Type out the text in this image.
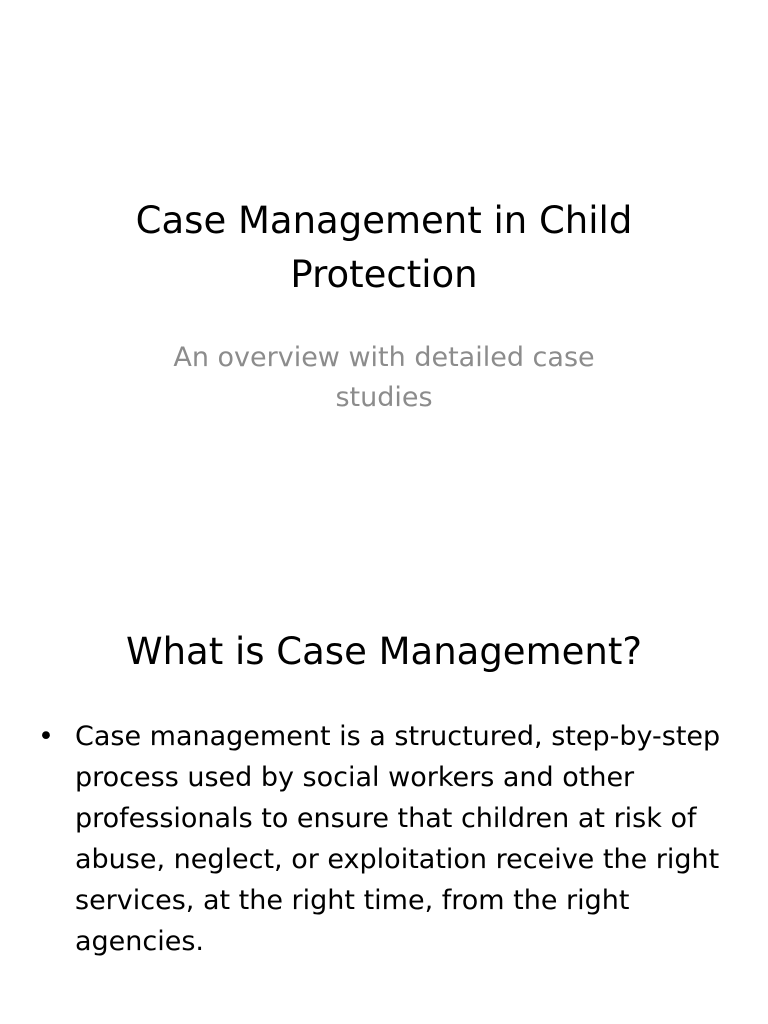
Case Management in Child Protection
An overview with detailed case studies
What is Case Management?
• Case management is a structured, step-by-step process used by social workers and other professionals to ensure that children at risk of abuse, neglect, or exploitation receive the right services, at the right time, from the right agencies.
